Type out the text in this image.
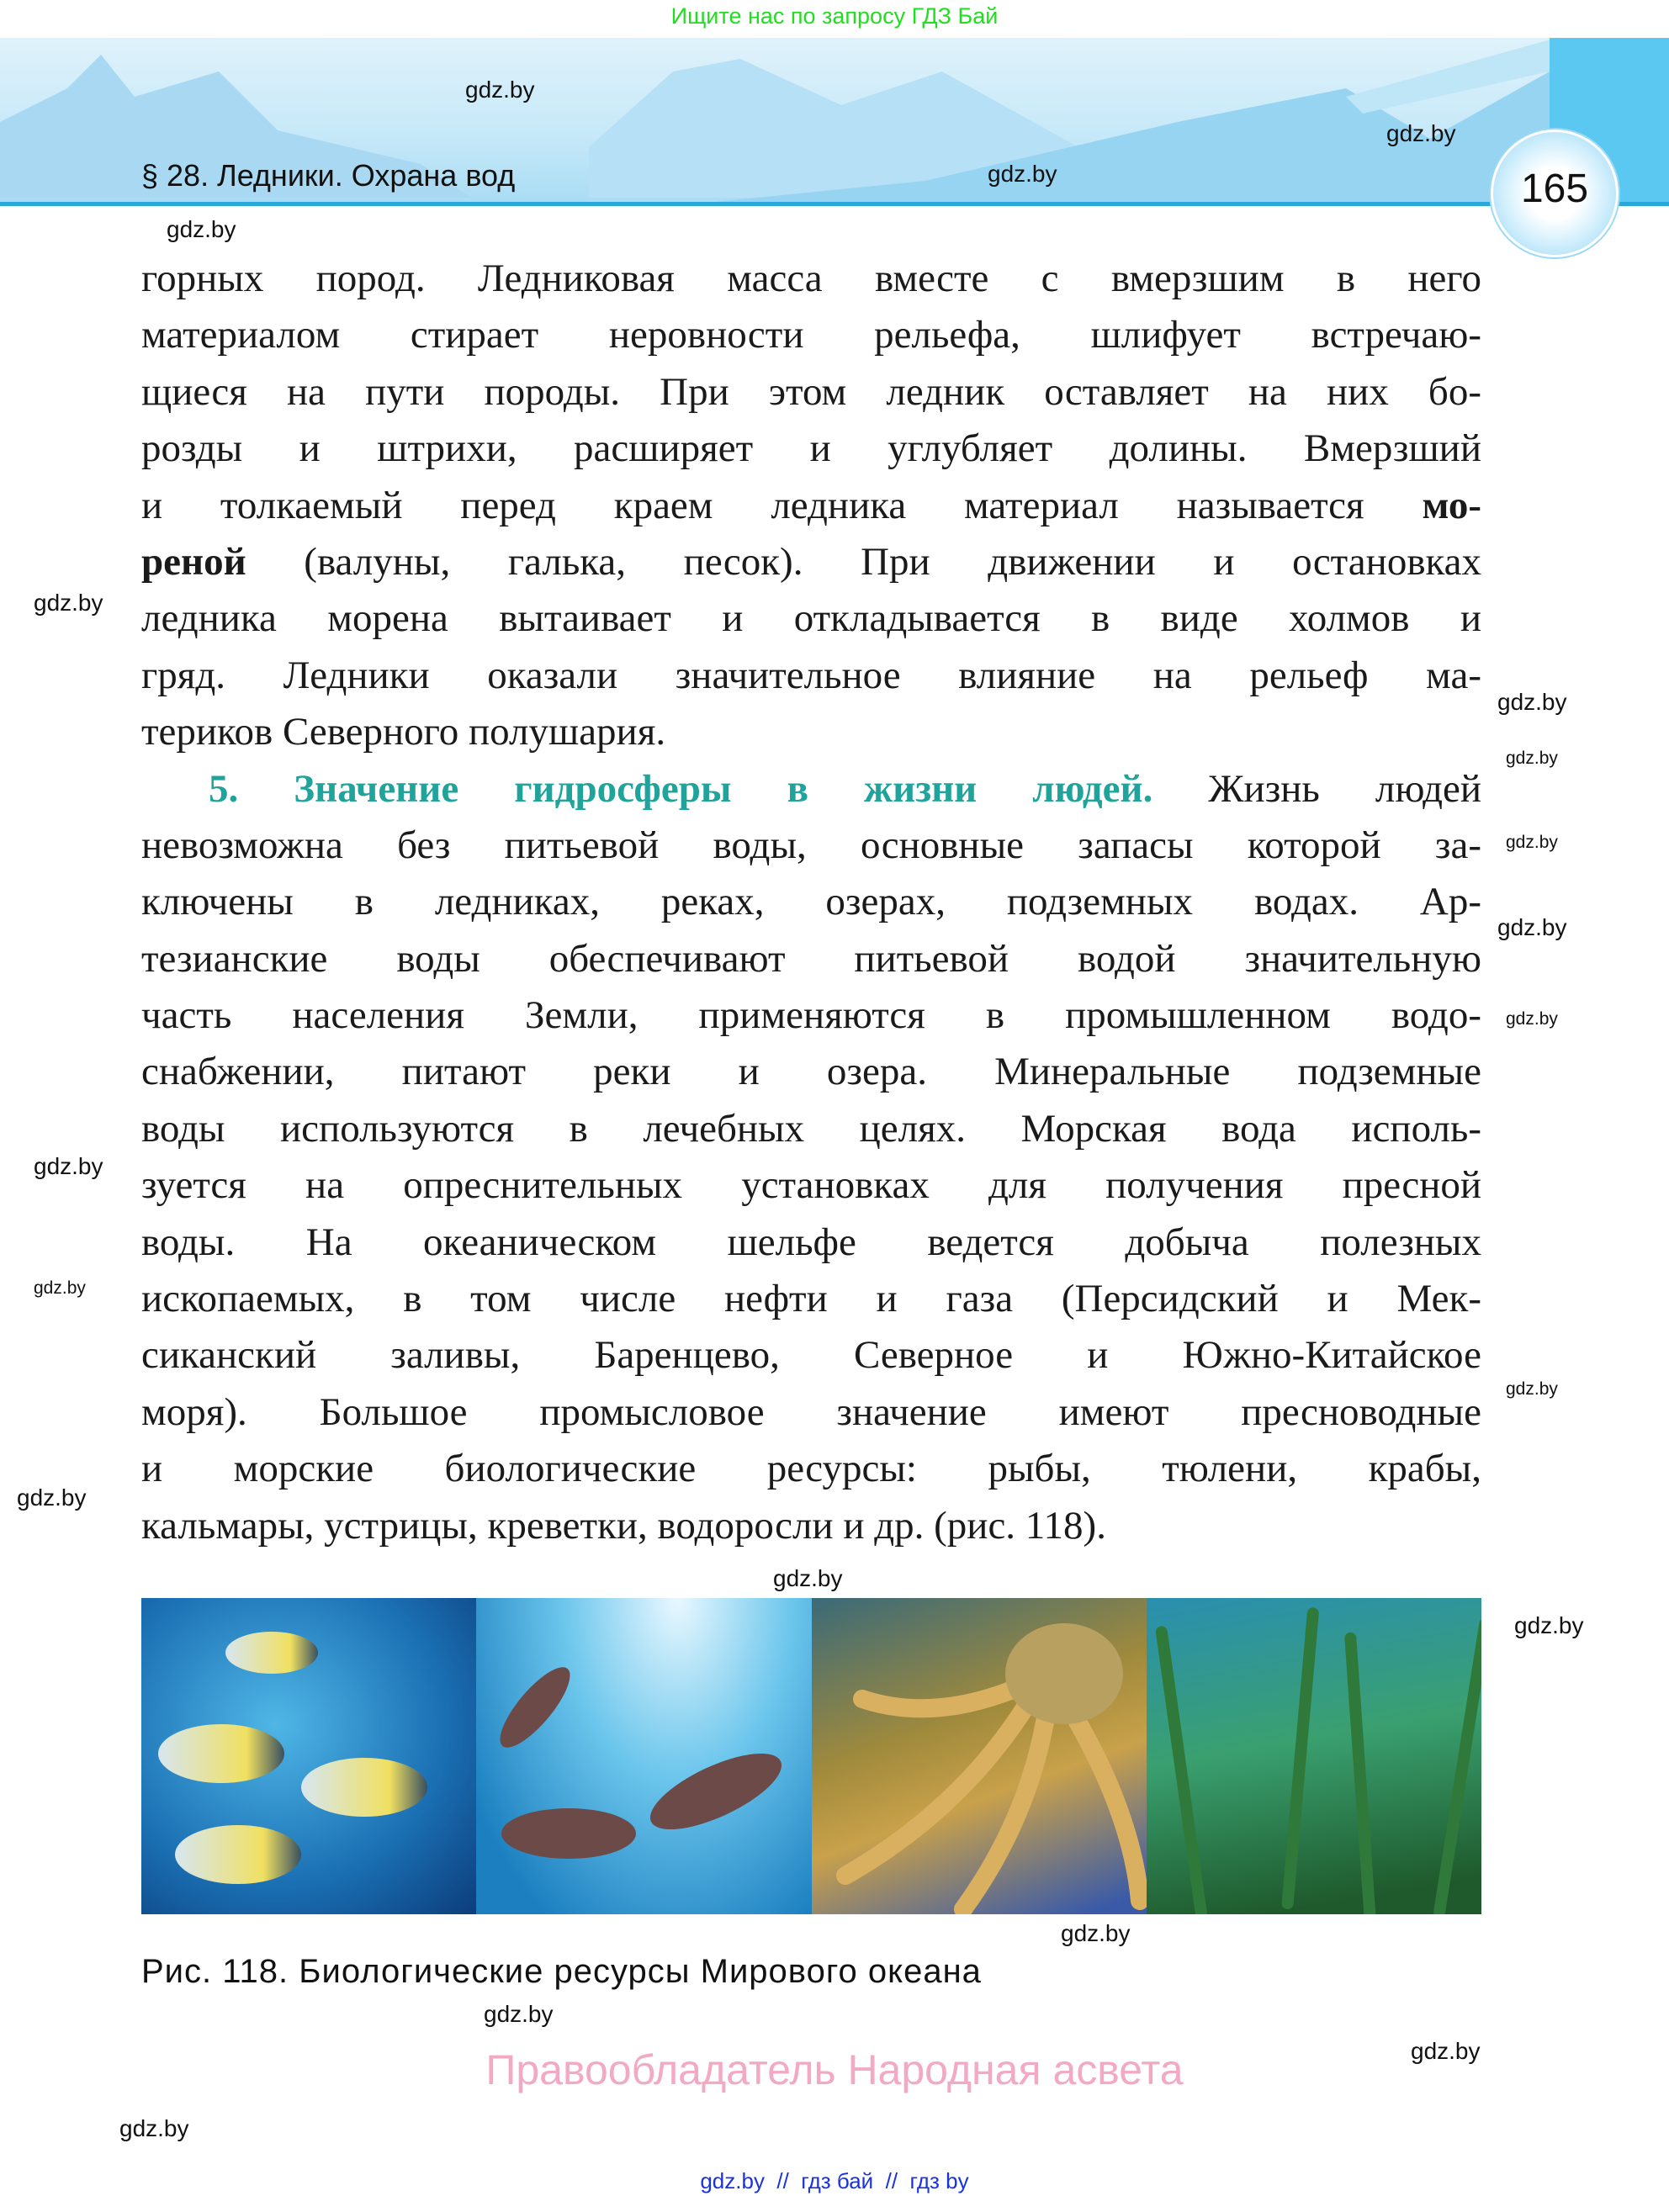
Ищите нас по запросу ГДЗ Бай
§ 28. Ледники. Охрана вод	165
горных пород. Ледниковая масса вместе с вмерзшим в него
материалом стирает неровности рельефа, шлифует встречаю-
щиеся на пути породы. При этом ледник оставляет на них бо-
розды и штрихи, расширяет и углубляет долины. Вмерзший
и толкаемый перед краем ледника материал называется мо-
реной (валуны, галька, песок). При движении и остановках
ледника морена вытаивает и откладывается в виде холмов и
гряд. Ледники оказали значительное влияние на рельеф ма-
териков Северного полушария.
5. Значение гидросферы в жизни людей. Жизнь людей
невозможна без питьевой воды, основные запасы которой за-
ключены в ледниках, реках, озерах, подземных водах. Ар-
тезианские воды обеспечивают питьевой водой значительную
часть населения Земли, применяются в промышленном водо-
снабжении, питают реки и озера. Минеральные подземные
воды используются в лечебных целях. Морская вода исполь-
зуется на опреснительных установках для получения пресной
воды. На океаническом шельфе ведется добыча полезных
ископаемых, в том числе нефти и газа (Персидский и Мек-
сиканский заливы, Баренцево, Северное и Южно-Китайское
моря). Большое промысловое значение имеют пресноводные
и морские биологические ресурсы: рыбы, тюлени, крабы,
кальмары, устрицы, креветки, водоросли и др. (рис. 118).
Рис. 118. Биологические ресурсы Мирового океана
Правообладатель Народная асвета
gdz.by
gdz.by
gdz.by
gdz.by
gdz.by
gdz.by
gdz.by
gdz.by
gdz.by
gdz.by
gdz.by
gdz.by
gdz.by
gdz.by
gdz.by
gdz.by
gdz.by
gdz.by
gdz.by
gdz.by
gdz.by  //  гдз бай  //  гдз by
